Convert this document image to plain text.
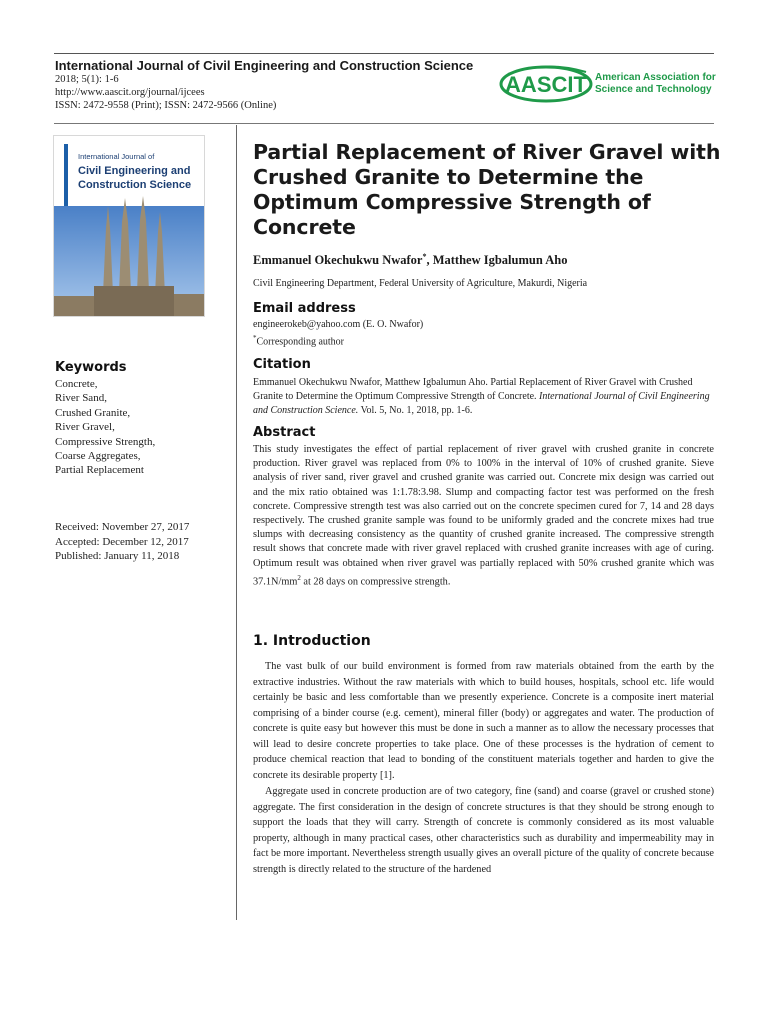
International Journal of Civil Engineering and Construction Science
2018; 5(1): 1-6
http://www.aascit.org/journal/ijcees
ISSN: 2472-9558 (Print); ISSN: 2472-9566 (Online)
AASCIT American Association for
Science and Technology
International Journal of
Civil Engineering and Construction Science
Keywords
Concrete,
River Sand,
Crushed Granite,
River Gravel,
Compressive Strength,
Coarse Aggregates,
Partial Replacement
Received: November 27, 2017
Accepted: December 12, 2017
Published: January 11, 2018
Partial Replacement of River Gravel with Crushed Granite to Determine the Optimum Compressive Strength of Concrete
Emmanuel Okechukwu Nwafor*, Matthew Igbalumun Aho
Civil Engineering Department, Federal University of Agriculture, Makurdi, Nigeria
Email address
engineerokeb@yahoo.com (E. O. Nwafor)
*Corresponding author
Citation
Emmanuel Okechukwu Nwafor, Matthew Igbalumun Aho. Partial Replacement of River Gravel with Crushed Granite to Determine the Optimum Compressive Strength of Concrete. International Journal of Civil Engineering and Construction Science. Vol. 5, No. 1, 2018, pp. 1-6.
Abstract
This study investigates the effect of partial replacement of river gravel with crushed granite in concrete production. River gravel was replaced from 0% to 100% in the interval of 10% of crushed granite. Sieve analysis of river sand, river gravel and crushed granite was carried out. Concrete mix design was carried out and the mix ratio obtained was 1:1.78:3.98. Slump and compacting factor test was performed on the fresh concrete. Compressive strength test was also carried out on the concrete specimen cured for 7, 14 and 28 days respectively. The crushed granite sample was found to be uniformly graded and the concrete mixes had true slumps with decreasing consistency as the quantity of crushed granite increased. The compressive strength result shows that concrete made with river gravel replaced with crushed granite increases with age of curing. Optimum result was obtained when river gravel was partially replaced with 50% crushed granite which was $37.1N/mm^2$ at 28 days on compressive strength.
1. Introduction

The vast bulk of our build environment is formed from raw materials obtained from the earth by the extractive industries. Without the raw materials with which to build houses, hospitals, school etc. life would certainly be basic and less comfortable than we presently experience. Concrete is a composite inert material comprising of a binder course (e.g. cement), mineral filler (body) or aggregates and water. The production of concrete is quite easy but however this must be done in such a manner as to allow the necessary processes that will lead to desire concrete properties to take place. One of these processes is the hydration of cement to produce chemical reaction that lead to bonding of the constituent materials together and harden to give the concrete its desirable property [1].

Aggregate used in concrete production are of two category, fine (sand) and coarse (gravel or crushed stone) aggregate. The first consideration in the design of concrete structures is that they should be strong enough to support the loads that they will carry. Strength of concrete is commonly considered as its most valuable property, although in many practical cases, other characteristics such as durability and impermeability may in fact be more important. Nevertheless strength usually gives an overall picture of the quality of concrete because strength is directly related to the structure of the hardened
